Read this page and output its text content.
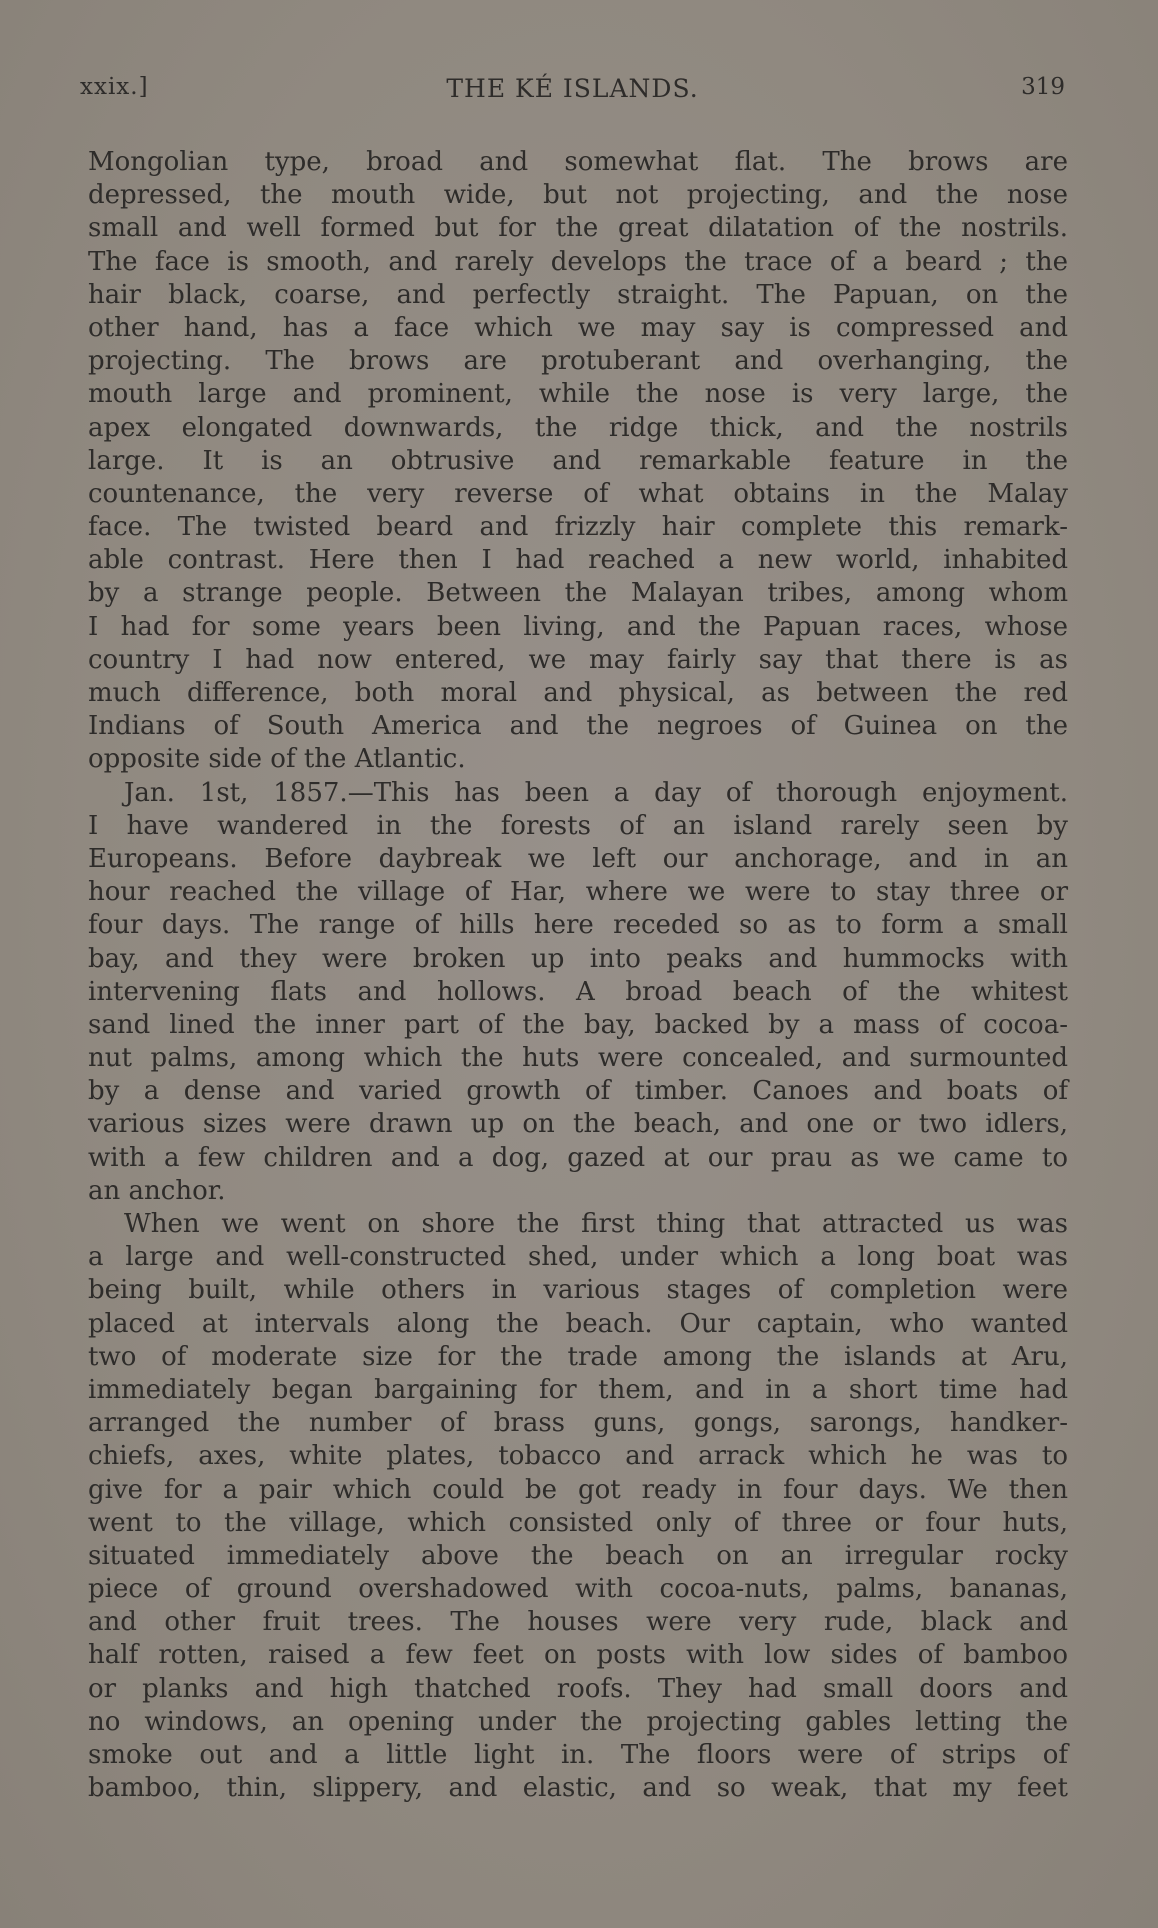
xxix.]	THE KÉ ISLANDS.	319
Mongolian type, broad and somewhat flat. The brows are
depressed, the mouth wide, but not projecting, and the nose
small and well formed but for the great dilatation of the nostrils.
The face is smooth, and rarely develops the trace of a beard ; the
hair black, coarse, and perfectly straight. The Papuan, on the
other hand, has a face which we may say is compressed and
projecting. The brows are protuberant and overhanging, the
mouth large and prominent, while the nose is very large, the
apex elongated downwards, the ridge thick, and the nostrils
large. It is an obtrusive and remarkable feature in the
countenance, the very reverse of what obtains in the Malay
face. The twisted beard and frizzly hair complete this remark-
able contrast. Here then I had reached a new world, inhabited
by a strange people. Between the Malayan tribes, among whom
I had for some years been living, and the Papuan races, whose
country I had now entered, we may fairly say that there is as
much difference, both moral and physical, as between the red
Indians of South America and the negroes of Guinea on the
opposite side of the Atlantic.
Jan. 1st, 1857.—This has been a day of thorough enjoyment.
I have wandered in the forests of an island rarely seen by
Europeans. Before daybreak we left our anchorage, and in an
hour reached the village of Har, where we were to stay three or
four days. The range of hills here receded so as to form a small
bay, and they were broken up into peaks and hummocks with
intervening flats and hollows. A broad beach of the whitest
sand lined the inner part of the bay, backed by a mass of cocoa-
nut palms, among which the huts were concealed, and surmounted
by a dense and varied growth of timber. Canoes and boats of
various sizes were drawn up on the beach, and one or two idlers,
with a few children and a dog, gazed at our prau as we came to
an anchor.
When we went on shore the first thing that attracted us was
a large and well-constructed shed, under which a long boat was
being built, while others in various stages of completion were
placed at intervals along the beach. Our captain, who wanted
two of moderate size for the trade among the islands at Aru,
immediately began bargaining for them, and in a short time had
arranged the number of brass guns, gongs, sarongs, handker-
chiefs, axes, white plates, tobacco and arrack which he was to
give for a pair which could be got ready in four days. We then
went to the village, which consisted only of three or four huts,
situated immediately above the beach on an irregular rocky
piece of ground overshadowed with cocoa-nuts, palms, bananas,
and other fruit trees. The houses were very rude, black and
half rotten, raised a few feet on posts with low sides of bamboo
or planks and high thatched roofs. They had small doors and
no windows, an opening under the projecting gables letting the
smoke out and a little light in. The floors were of strips of
bamboo, thin, slippery, and elastic, and so weak, that my feet
